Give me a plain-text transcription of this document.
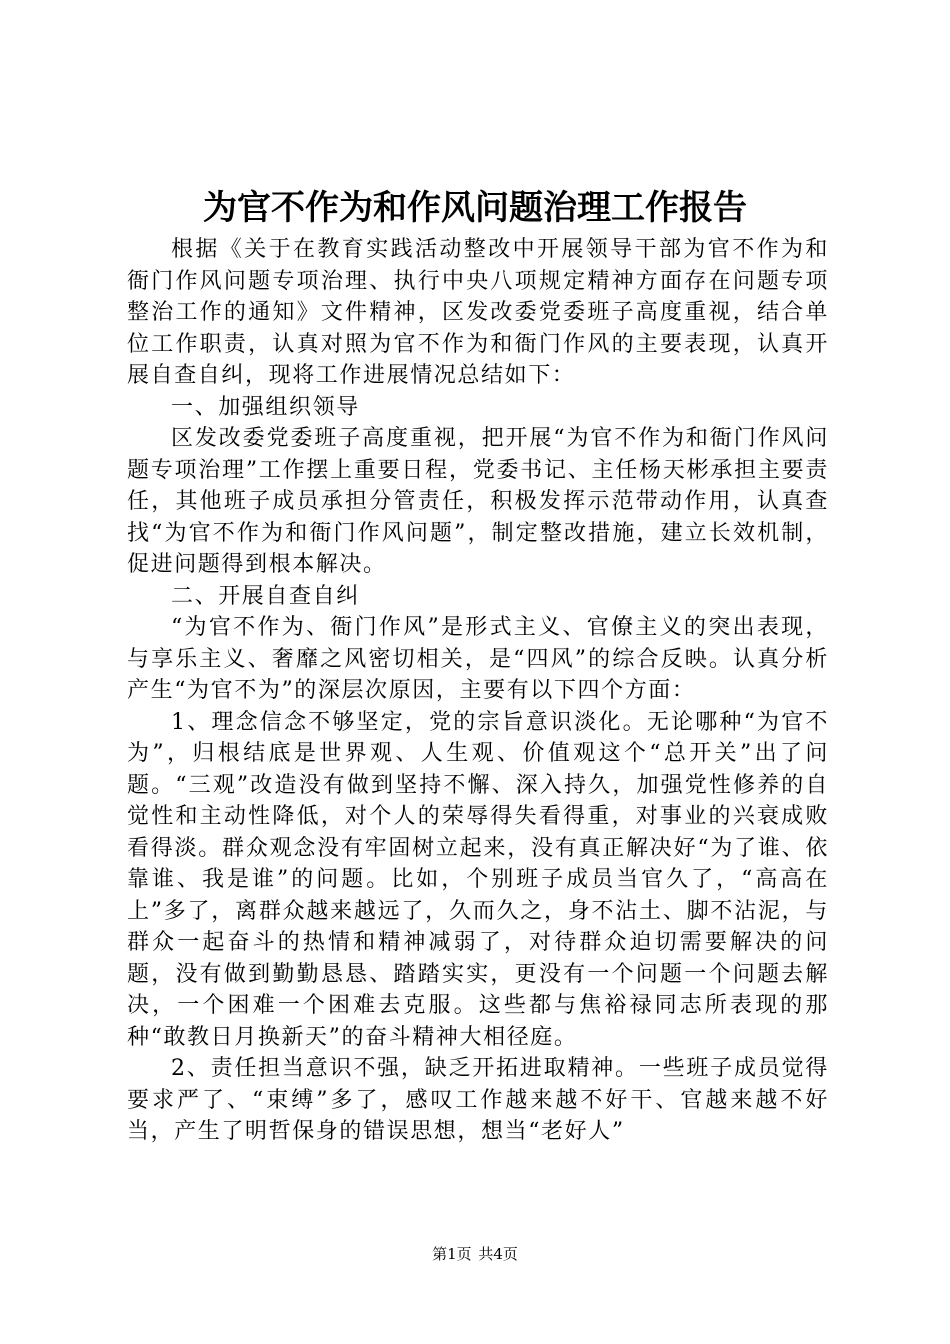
为官不作为和作风问题治理工作报告

根据《关于在教育实践活动整改中开展领导干部为官不作为和衙门作风问题专项治理、执行中央八项规定精神方面存在问题专项整治工作的通知》文件精神，区发改委党委班子高度重视，结合单位工作职责，认真对照为官不作为和衙门作风的主要表现，认真开展自查自纠，现将工作进展情况总结如下：

一、加强组织领导

区发改委党委班子高度重视，把开展“为官不作为和衙门作风问题专项治理”工作摆上重要日程，党委书记、主任杨天彬承担主要责任，其他班子成员承担分管责任，积极发挥示范带动作用，认真查找“为官不作为和衙门作风问题”，制定整改措施，建立长效机制，促进问题得到根本解决。

二、开展自查自纠

“为官不作为、衙门作风”是形式主义、官僚主义的突出表现，与享乐主义、奢靡之风密切相关，是“四风”的综合反映。认真分析产生“为官不为”的深层次原因，主要有以下四个方面：

1、理念信念不够坚定，党的宗旨意识淡化。无论哪种“为官不为”，归根结底是世界观、人生观、价值观这个“总开关”出了问题。“三观”改造没有做到坚持不懈、深入持久，加强党性修养的自觉性和主动性降低，对个人的荣辱得失看得重，对事业的兴衰成败看得淡。群众观念没有牢固树立起来，没有真正解决好“为了谁、依靠谁、我是谁”的问题。比如，个别班子成员当官久了，“高高在上”多了，离群众越来越远了，久而久之，身不沾土、脚不沾泥，与群众一起奋斗的热情和精神减弱了，对待群众迫切需要解决的问题，没有做到勤勤恳恳、踏踏实实，更没有一个问题一个问题去解决，一个困难一个困难去克服。这些都与焦裕禄同志所表现的那种“敢教日月换新天”的奋斗精神大相径庭。

2、责任担当意识不强，缺乏开拓进取精神。一些班子成员觉得要求严了、“束缚”多了，感叹工作越来越不好干、官越来越不好当，产生了明哲保身的错误思想，想当“老好人”

第1页 共4页
